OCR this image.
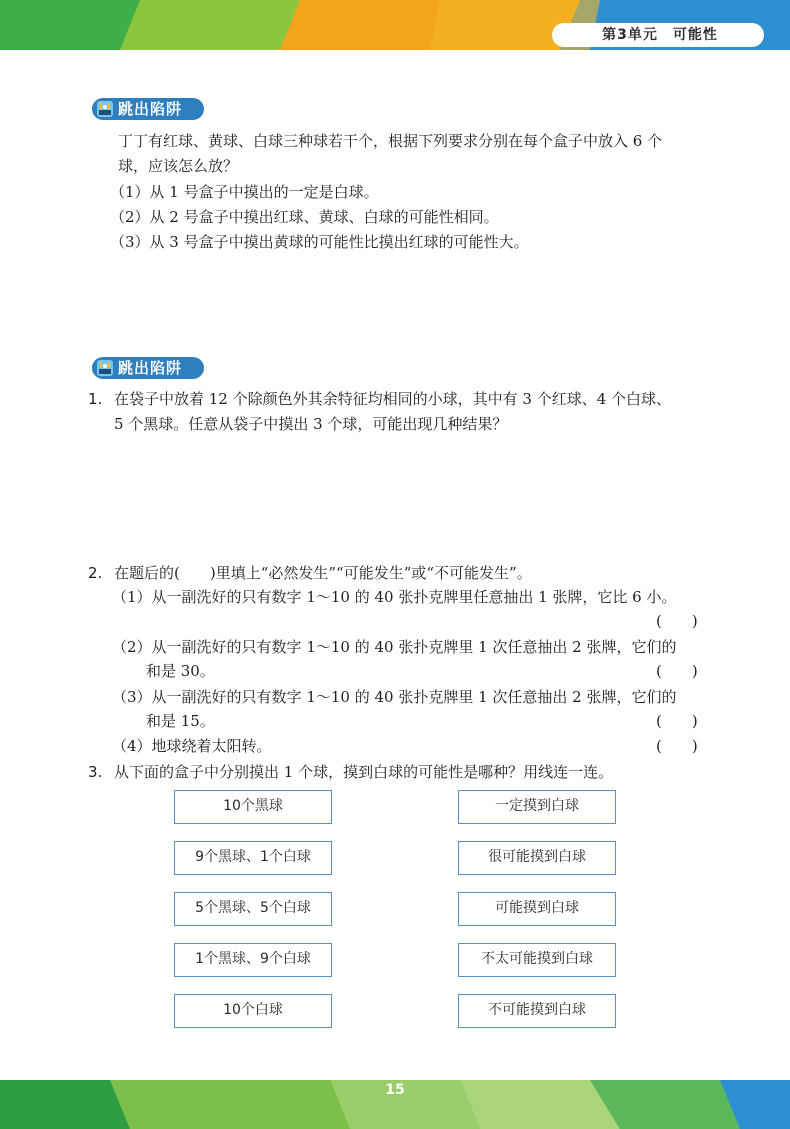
第3单元　可能性
跳出陷阱
丁丁有红球、黄球、白球三种球若干个，根据下列要求分别在每个盒子中放入 6 个
球，应该怎么放？
（1）从 1 号盒子中摸出的一定是白球。
（2）从 2 号盒子中摸出红球、黄球、白球的可能性相同。
（3）从 3 号盒子中摸出黄球的可能性比摸出红球的可能性大。
跳出陷阱
1. 在袋子中放着 12 个除颜色外其余特征均相同的小球，其中有 3 个红球、4 个白球、
5 个黑球。任意从袋子中摸出 3 个球，可能出现几种结果？
2. 在题后的(　　)里填上“必然发生”“可能发生”或“不可能发生”。
（1）从一副洗好的只有数字 1～10 的 40 张扑克牌里任意抽出 1 张牌，它比 6 小。
(　　)
（2）从一副洗好的只有数字 1～10 的 40 张扑克牌里 1 次任意抽出 2 张牌，它们的
和是 30。	(　　)
（3）从一副洗好的只有数字 1～10 的 40 张扑克牌里 1 次任意抽出 2 张牌，它们的
和是 15。	(　　)
（4）地球绕着太阳转。	(　　)
3. 从下面的盒子中分别摸出 1 个球，摸到白球的可能性是哪种？用线连一连。
10个黑球
9个黑球、1个白球
5个黑球、5个白球
1个黑球、9个白球
10个白球
一定摸到白球
很可能摸到白球
可能摸到白球
不太可能摸到白球
不可能摸到白球
15
